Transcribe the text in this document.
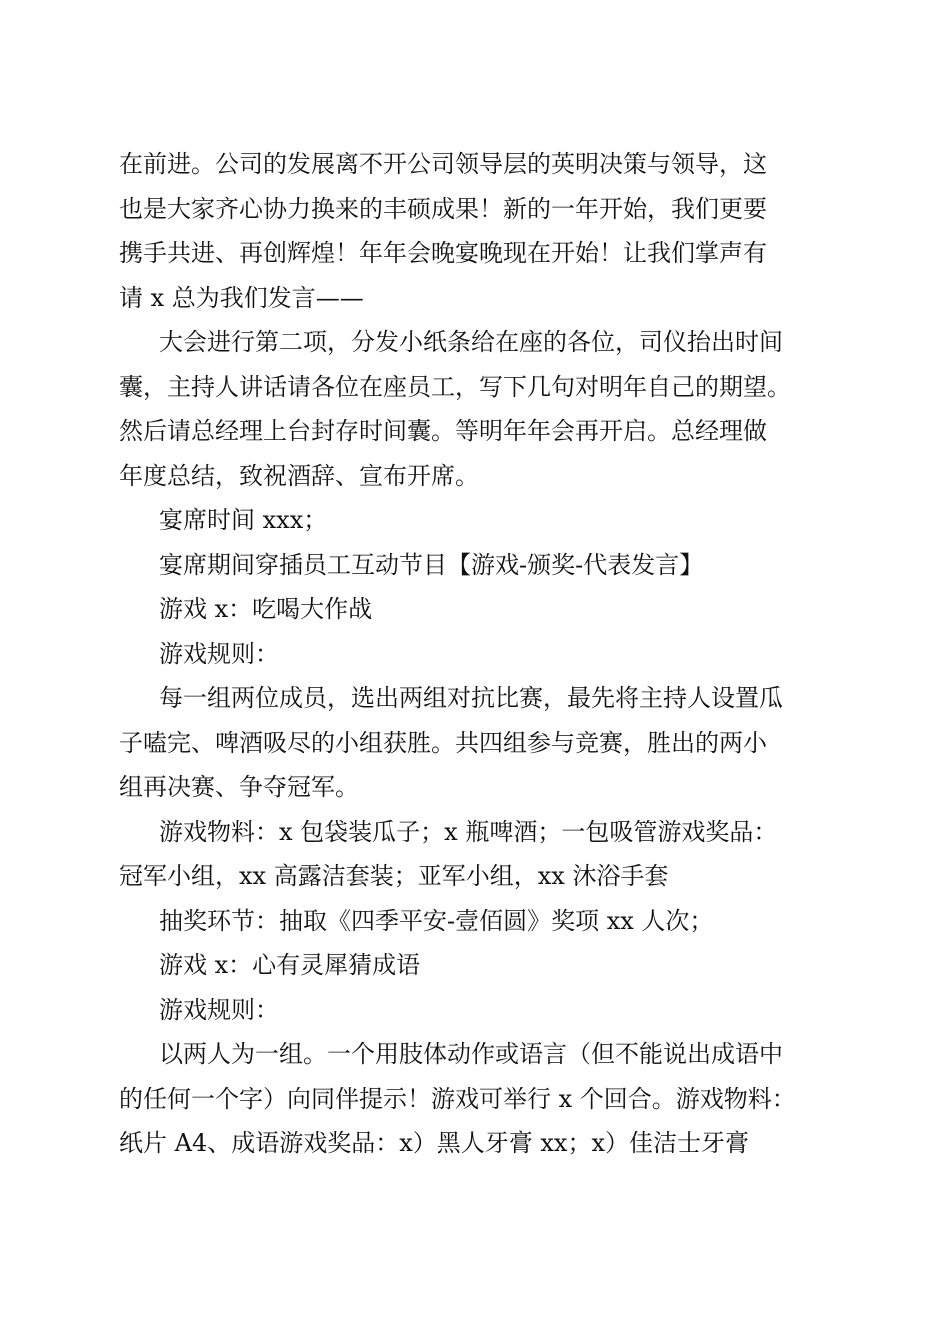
在前进。公司的发展离不开公司领导层的英明决策与领导，这
也是大家齐心协力换来的丰硕成果！新的一年开始，我们更要
携手共进、再创辉煌！年年会晚宴晚现在开始！让我们掌声有
请 x 总为我们发言——

大会进行第二项，分发小纸条给在座的各位，司仪抬出时间
囊，主持人讲话请各位在座员工，写下几句对明年自己的期望。
然后请总经理上台封存时间囊。等明年年会再开启。总经理做
年度总结，致祝酒辞、宣布开席。

宴席时间 xxx；

宴席期间穿插员工互动节目【游戏-颁奖-代表发言】

游戏 x：吃喝大作战

游戏规则：

每一组两位成员，选出两组对抗比赛，最先将主持人设置瓜
子嗑完、啤酒吸尽的小组获胜。共四组参与竞赛，胜出的两小
组再决赛、争夺冠军。

游戏物料：x 包袋装瓜子；x 瓶啤酒；一包吸管游戏奖品：
冠军小组，xx 高露洁套装；亚军小组，xx 沐浴手套

抽奖环节：抽取《四季平安-壹佰圆》奖项 xx 人次；

游戏 x：心有灵犀猜成语

游戏规则：

以两人为一组。一个用肢体动作或语言（但不能说出成语中
的任何一个字）向同伴提示！游戏可举行 x 个回合。游戏物料：
纸片 A4、成语游戏奖品：x）黑人牙膏 xx；x）佳洁士牙膏
